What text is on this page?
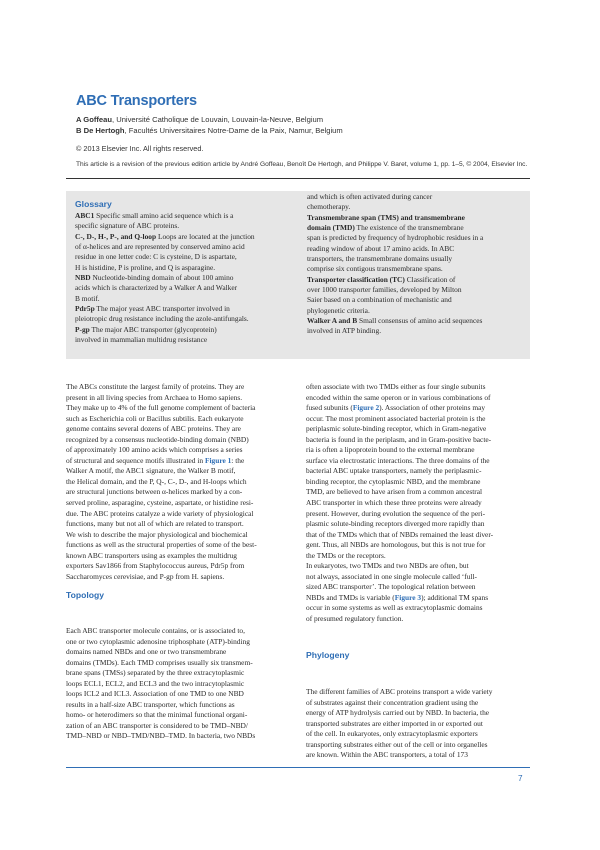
ABC Transporters
A Goffeau, Université Catholique de Louvain, Louvain-la-Neuve, Belgium
B De Hertogh, Facultés Universitaires Notre-Dame de la Paix, Namur, Belgium
© 2013 Elsevier Inc. All rights reserved.
This article is a revision of the previous edition article by André Goffeau, Benoît De Hertogh, and Philippe V. Baret, volume 1, pp. 1–5, © 2004, Elsevier Inc.
Glossary
ABC1 Specific small amino acid sequence which is a
specific signature of ABC proteins.
C-, D-, H-, P-, and Q-loop Loops are located at the junction
of α-helices and are represented by conserved amino acid
residue in one letter code: C is cysteine, D is aspartate,
H is histidine, P is proline, and Q is asparagine.
NBD Nucleotide-binding domain of about 100 amino
acids which is characterized by a Walker A and Walker
B motif.
Pdr5p The major yeast ABC transporter involved in
pleiotropic drug resistance including the azole-antifungals.
P-gp The major ABC transporter (glycoprotein)
involved in mammalian multidrug resistance
and which is often activated during cancer
chemotherapy.
Transmembrane span (TMS) and transmembrane
domain (TMD) The existence of the transmembrane
span is predicted by frequency of hydrophobic residues in a
reading window of about 17 amino acids. In ABC
transporters, the transmembrane domains usually
comprise six contigous transmembrane spans.
Transporter classification (TC) Classification of
over 1000 transporter families, developed by Milton
Saier based on a combination of mechanistic and
phylogenetic criteria.
Walker A and B Small consensus of amino acid sequences
involved in ATP binding.
The ABCs constitute the largest family of proteins. They are
present in all living species from Archaea to Homo sapiens.
They make up to 4% of the full genome complement of bacteria
such as Escherichia coli or Bacillus subtilis. Each eukaryote
genome contains several dozens of ABC proteins. They are
recognized by a consensus nucleotide-binding domain (NBD)
of approximately 100 amino acids which comprises a series
of structural and sequence motifs illustrated in Figure 1: the
Walker A motif, the ABC1 signature, the Walker B motif,
the Helical domain, and the P, Q-, C-, D-, and H-loops which
are structural junctions between α-helices marked by a con-
served proline, asparagine, cysteine, aspartate, or histidine resi-
due. The ABC proteins catalyze a wide variety of physiological
functions, many but not all of which are related to transport.
We wish to describe the major physiological and biochemical
functions as well as the structural properties of some of the best-
known ABC transporters using as examples the multidrug
exporters Sav1866 from Staphylococcus aureus, Pdr5p from
Saccharomyces cerevisiae, and P-gp from H. sapiens.
Topology
Each ABC transporter molecule contains, or is associated to,
one or two cytoplasmic adenosine triphosphate (ATP)-binding
domains named NBDs and one or two transmembrane
domains (TMDs). Each TMD comprises usually six transmem-
brane spans (TMSs) separated by the three extracytoplasmic
loops ECL1, ECL2, and ECL3 and the two intracytoplasmic
loops ICL2 and ICL3. Association of one TMD to one NBD
results in a half-size ABC transporter, which functions as
homo- or heterodimers so that the minimal functional organi-
zation of an ABC transporter is considered to be TMD–NBD/
TMD–NBD or NBD–TMD/NBD–TMD. In bacteria, two NBDs
often associate with two TMDs either as four single subunits
encoded within the same operon or in various combinations of
fused subunits (Figure 2). Association of other proteins may
occur. The most prominent associated bacterial protein is the
periplasmic solute-binding receptor, which in Gram-negative
bacteria is found in the periplasm, and in Gram-positive bacte-
ria is often a lipoprotein bound to the external membrane
surface via electrostatic interactions. The three domains of the
bacterial ABC uptake transporters, namely the periplasmic-
binding receptor, the cytoplasmic NBD, and the membrane
TMD, are believed to have arisen from a common ancestral
ABC transporter in which these three proteins were already
present. However, during evolution the sequence of the peri-
plasmic solute-binding receptors diverged more rapidly than
that of the TMDs which that of NBDs remained the least diver-
gent. Thus, all NBDs are homologous, but this is not true for
the TMDs or the receptors.
In eukaryotes, two TMDs and two NBDs are often, but
not always, associated in one single molecule called ‘full-
sized ABC transporter’. The topological relation between
NBDs and TMDs is variable (Figure 3); additional TM spans
occur in some systems as well as extracytoplasmic domains
of presumed regulatory function.
Phylogeny
The different families of ABC proteins transport a wide variety
of substrates against their concentration gradient using the
energy of ATP hydrolysis carried out by NBD. In bacteria, the
transported substrates are either imported in or exported out
of the cell. In eukaryotes, only extracytoplasmic exporters
transporting substrates either out of the cell or into organelles
are known. Within the ABC transporters, a total of 173
7
